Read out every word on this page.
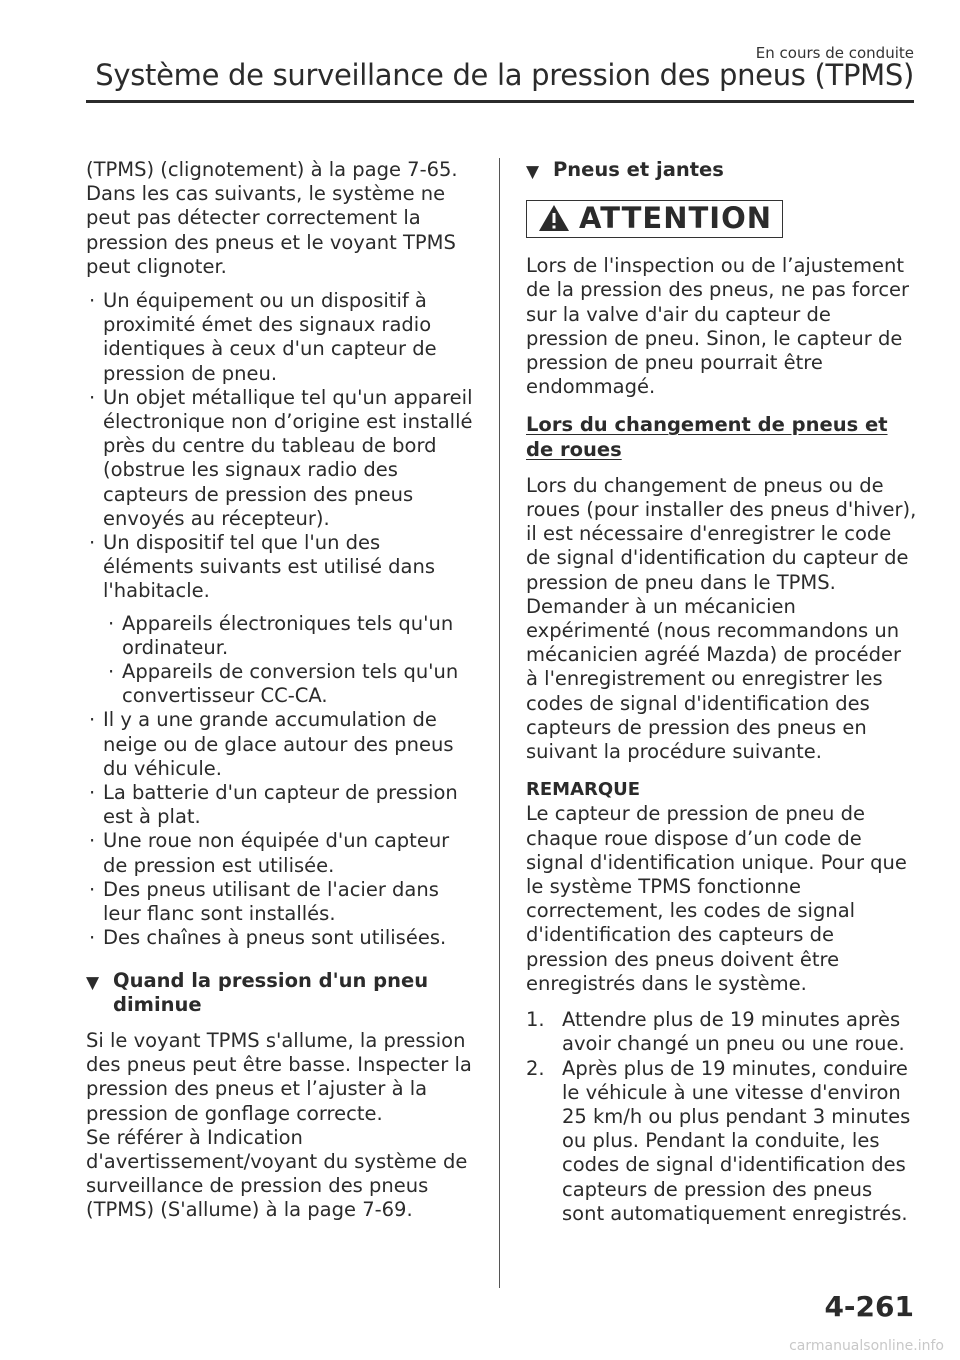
En cours de conduite
Système de surveillance de la pression des pneus (TPMS)

(TPMS) (clignotement) à la page 7-65.

Dans les cas suivants, le système ne peut pas détecter correctement la pression des pneus et le voyant TPMS peut clignoter.

· Un équipement ou un dispositif à proximité émet des signaux radio identiques à ceux d'un capteur de pression de pneu.
· Un objet métallique tel qu'un appareil électronique non d’origine est installé près du centre du tableau de bord (obstrue les signaux radio des capteurs de pression des pneus envoyés au récepteur).
· Un dispositif tel que l'un des éléments suivants est utilisé dans l'habitacle.
· Appareils électroniques tels qu'un ordinateur.
· Appareils de conversion tels qu'un convertisseur CC-CA.
· Il y a une grande accumulation de neige ou de glace autour des pneus du véhicule.
· La batterie d'un capteur de pression est à plat.
· Une roue non équipée d'un capteur de pression est utilisée.
· Des pneus utilisant de l'acier dans leur flanc sont installés.
· Des chaînes à pneus sont utilisées.
▼ Quand la pression d'un pneu diminue

Si le voyant TPMS s'allume, la pression des pneus peut être basse. Inspecter la pression des pneus et l’ajuster à la pression de gonflage correcte.

Se référer à Indication d'avertissement/voyant du système de surveillance de pression des pneus (TPMS) (S'allume) à la page 7-69.

▼ Pneus et jantes
ATTENTION

Lors de l'inspection ou de l’ajustement de la pression des pneus, ne pas forcer sur la valve d'air du capteur de pression de pneu. Sinon, le capteur de pression de pneu pourrait être endommagé.

Lors du changement de pneus et de roues

Lors du changement de pneus ou de roues (pour installer des pneus d'hiver), il est nécessaire d'enregistrer le code de signal d'identification du capteur de pression de pneu dans le TPMS.

Demander à un mécanicien expérimenté (nous recommandons un mécanicien agréé Mazda) de procéder à l'enregistrement ou enregistrer les codes de signal d'identification des capteurs de pression des pneus en suivant la procédure suivante.

REMARQUE

Le capteur de pression de pneu de chaque roue dispose d’un code de signal d'identification unique. Pour que le système TPMS fonctionne correctement, les codes de signal d'identification des capteurs de pression des pneus doivent être enregistrés dans le système.

1. Attendre plus de 19 minutes après avoir changé un pneu ou une roue.
2. Après plus de 19 minutes, conduire le véhicule à une vitesse d'environ 25 km/h ou plus pendant 3 minutes ou plus. Pendant la conduite, les codes de signal d'identification des capteurs de pression des pneus sont automatiquement enregistrés.
4-261
carmanualsonline.info
